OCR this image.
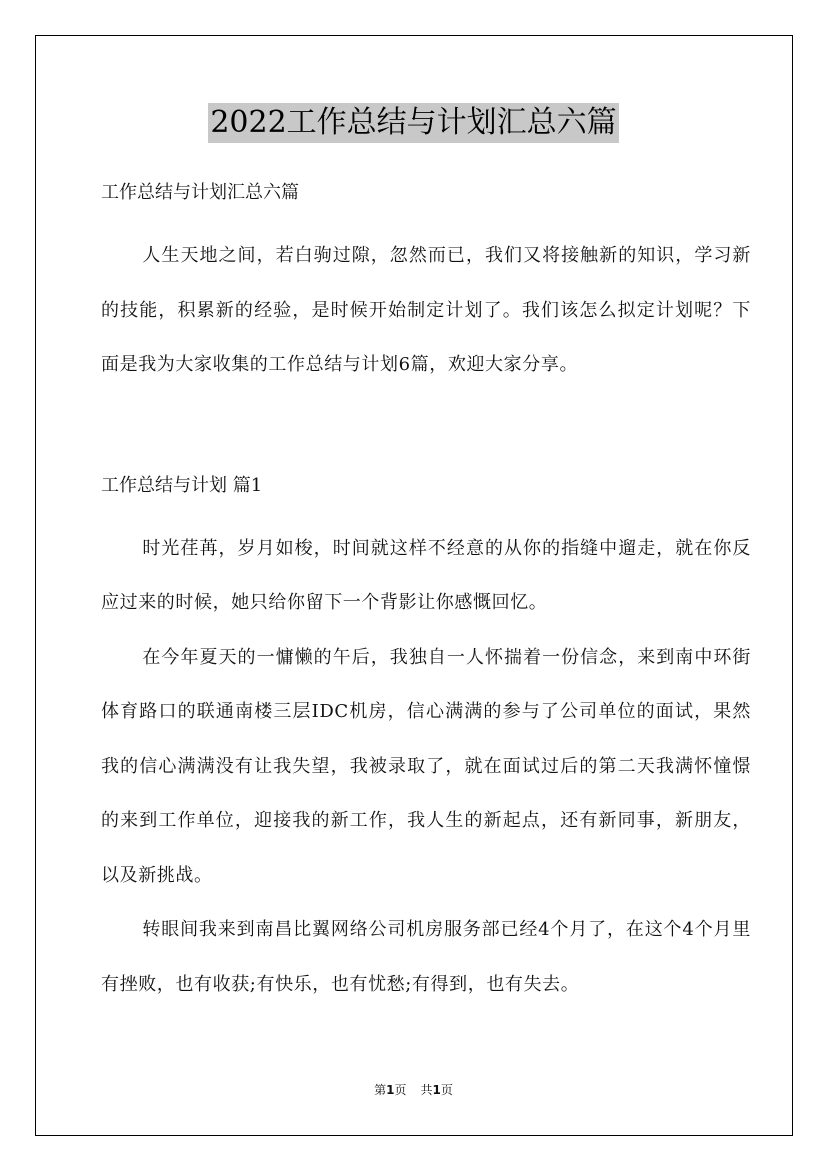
2022工作总结与计划汇总六篇

工作总结与计划汇总六篇

人生天地之间，若白驹过隙，忽然而已，我们又将接触新的知识，学习新的技能，积累新的经验，是时候开始制定计划了。我们该怎么拟定计划呢？下面是我为大家收集的工作总结与计划6篇，欢迎大家分享。

工作总结与计划 篇1

时光荏苒，岁月如梭，时间就这样不经意的从你的指缝中遛走，就在你反应过来的时候，她只给你留下一个背影让你感慨回忆。

在今年夏天的一慵懒的午后，我独自一人怀揣着一份信念，来到南中环街体育路口的联通南楼三层IDC机房，信心满满的参与了公司单位的面试，果然我的信心满满没有让我失望，我被录取了，就在面试过后的第二天我满怀憧憬的来到工作单位，迎接我的新工作，我人生的新起点，还有新同事，新朋友，以及新挑战。

转眼间我来到南昌比翼网络公司机房服务部已经4个月了，在这个4个月里有挫败，也有收获;有快乐，也有忧愁;有得到，也有失去。

第1页 共1页
